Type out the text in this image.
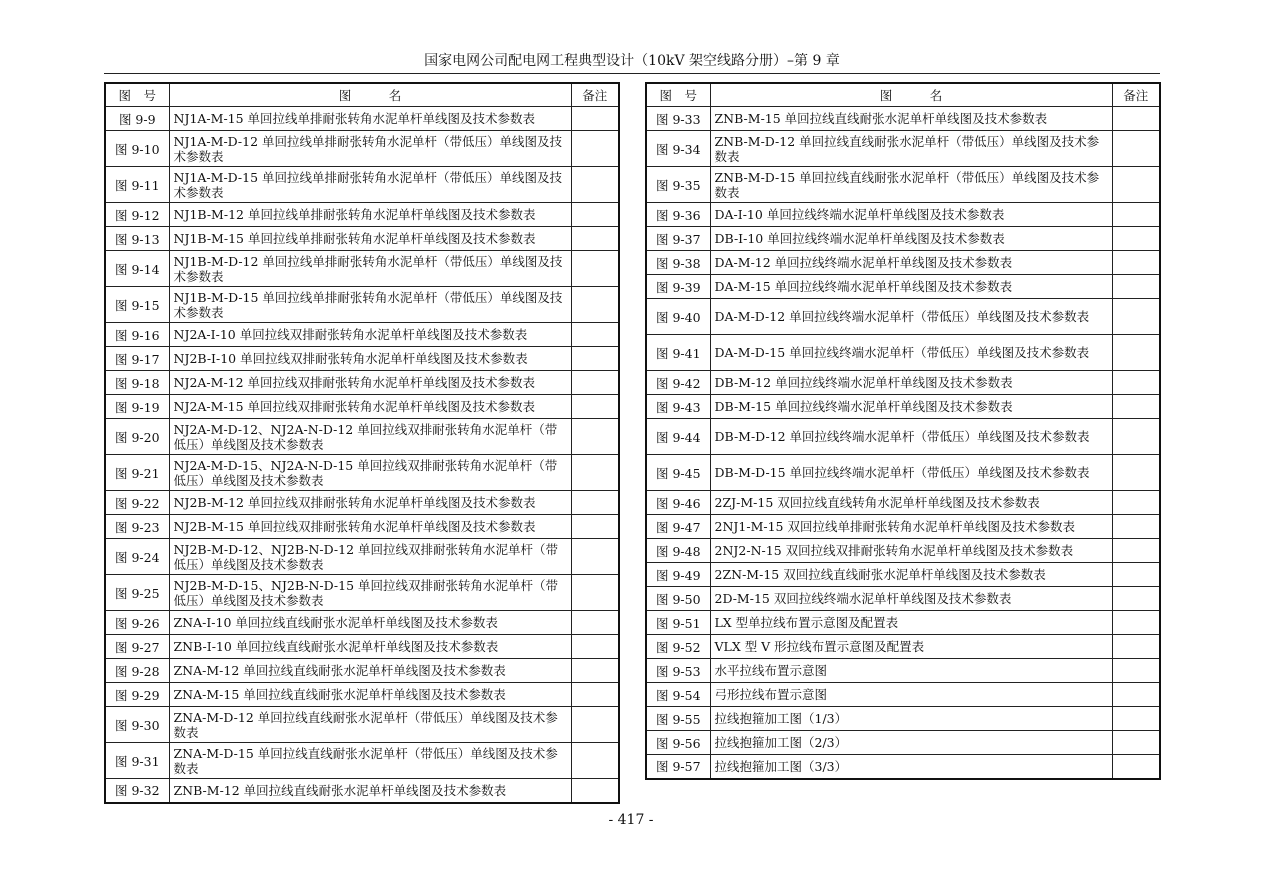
国家电网公司配电网工程典型设计（10kV 架空线路分册）–第 9 章
图　号	图　　　名	备注
图 9-9	NJ1A-M-15 单回拉线单排耐张转角水泥单杆单线图及技术参数表	
图 9-10	NJ1A-M-D-12 单回拉线单排耐张转角水泥单杆（带低压）单线图及技术参数表	
图 9-11	NJ1A-M-D-15 单回拉线单排耐张转角水泥单杆（带低压）单线图及技术参数表	
图 9-12	NJ1B-M-12 单回拉线单排耐张转角水泥单杆单线图及技术参数表	
图 9-13	NJ1B-M-15 单回拉线单排耐张转角水泥单杆单线图及技术参数表	
图 9-14	NJ1B-M-D-12 单回拉线单排耐张转角水泥单杆（带低压）单线图及技术参数表	
图 9-15	NJ1B-M-D-15 单回拉线单排耐张转角水泥单杆（带低压）单线图及技术参数表	
图 9-16	NJ2A-I-10 单回拉线双排耐张转角水泥单杆单线图及技术参数表	
图 9-17	NJ2B-I-10 单回拉线双排耐张转角水泥单杆单线图及技术参数表	
图 9-18	NJ2A-M-12 单回拉线双排耐张转角水泥单杆单线图及技术参数表	
图 9-19	NJ2A-M-15 单回拉线双排耐张转角水泥单杆单线图及技术参数表	
图 9-20	NJ2A-M-D-12、NJ2A-N-D-12 单回拉线双排耐张转角水泥单杆（带低压）单线图及技术参数表	
图 9-21	NJ2A-M-D-15、NJ2A-N-D-15 单回拉线双排耐张转角水泥单杆（带低压）单线图及技术参数表	
图 9-22	NJ2B-M-12 单回拉线双排耐张转角水泥单杆单线图及技术参数表	
图 9-23	NJ2B-M-15 单回拉线双排耐张转角水泥单杆单线图及技术参数表	
图 9-24	NJ2B-M-D-12、NJ2B-N-D-12 单回拉线双排耐张转角水泥单杆（带低压）单线图及技术参数表	
图 9-25	NJ2B-M-D-15、NJ2B-N-D-15 单回拉线双排耐张转角水泥单杆（带低压）单线图及技术参数表	
图 9-26	ZNA-I-10 单回拉线直线耐张水泥单杆单线图及技术参数表	
图 9-27	ZNB-I-10 单回拉线直线耐张水泥单杆单线图及技术参数表	
图 9-28	ZNA-M-12 单回拉线直线耐张水泥单杆单线图及技术参数表	
图 9-29	ZNA-M-15 单回拉线直线耐张水泥单杆单线图及技术参数表	
图 9-30	ZNA-M-D-12 单回拉线直线耐张水泥单杆（带低压）单线图及技术参数表	
图 9-31	ZNA-M-D-15 单回拉线直线耐张水泥单杆（带低压）单线图及技术参数表	
图 9-32	ZNB-M-12 单回拉线直线耐张水泥单杆单线图及技术参数表	
图　号	图　　　名	备注
图 9-33	ZNB-M-15 单回拉线直线耐张水泥单杆单线图及技术参数表	
图 9-34	ZNB-M-D-12 单回拉线直线耐张水泥单杆（带低压）单线图及技术参数表	
图 9-35	ZNB-M-D-15 单回拉线直线耐张水泥单杆（带低压）单线图及技术参数表	
图 9-36	DA-I-10 单回拉线终端水泥单杆单线图及技术参数表	
图 9-37	DB-I-10 单回拉线终端水泥单杆单线图及技术参数表	
图 9-38	DA-M-12 单回拉线终端水泥单杆单线图及技术参数表	
图 9-39	DA-M-15 单回拉线终端水泥单杆单线图及技术参数表	
图 9-40	DA-M-D-12 单回拉线终端水泥单杆（带低压）单线图及技术参数表	
图 9-41	DA-M-D-15 单回拉线终端水泥单杆（带低压）单线图及技术参数表	
图 9-42	DB-M-12 单回拉线终端水泥单杆单线图及技术参数表	
图 9-43	DB-M-15 单回拉线终端水泥单杆单线图及技术参数表	
图 9-44	DB-M-D-12 单回拉线终端水泥单杆（带低压）单线图及技术参数表	
图 9-45	DB-M-D-15 单回拉线终端水泥单杆（带低压）单线图及技术参数表	
图 9-46	2ZJ-M-15 双回拉线直线转角水泥单杆单线图及技术参数表	
图 9-47	2NJ1-M-15 双回拉线单排耐张转角水泥单杆单线图及技术参数表	
图 9-48	2NJ2-N-15 双回拉线双排耐张转角水泥单杆单线图及技术参数表	
图 9-49	2ZN-M-15 双回拉线直线耐张水泥单杆单线图及技术参数表	
图 9-50	2D-M-15 双回拉线终端水泥单杆单线图及技术参数表	
图 9-51	LX 型单拉线布置示意图及配置表	
图 9-52	VLX 型 V 形拉线布置示意图及配置表	
图 9-53	水平拉线布置示意图	
图 9-54	弓形拉线布置示意图	
图 9-55	拉线抱箍加工图（1/3）	
图 9-56	拉线抱箍加工图（2/3）	
图 9-57	拉线抱箍加工图（3/3）	
- 417 -
